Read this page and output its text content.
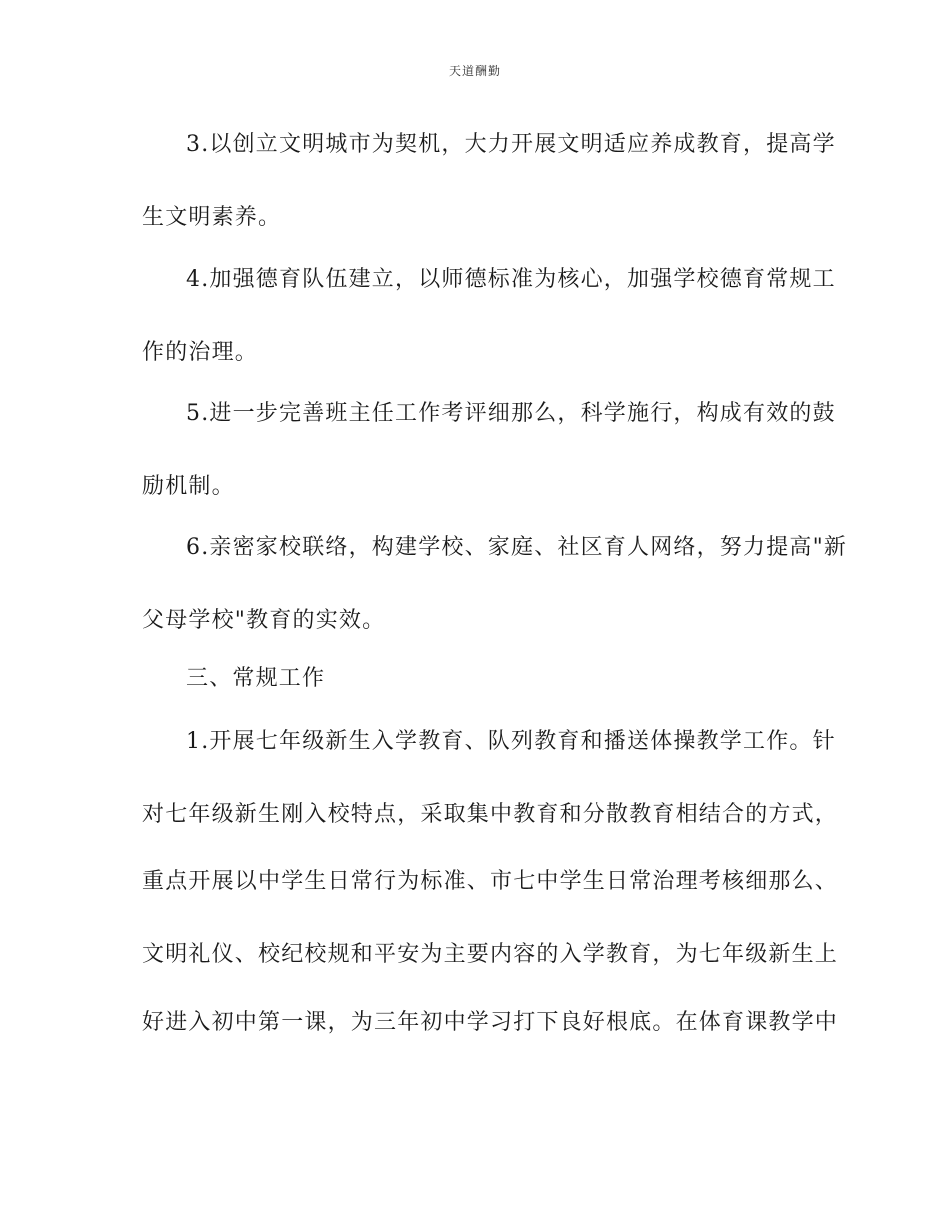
天道酬勤
3.以创立文明城市为契机，大力开展文明适应养成教育，提高学
生文明素养。
4.加强德育队伍建立，以师德标准为核心，加强学校德育常规工
作的治理。
5.进一步完善班主任工作考评细那么，科学施行，构成有效的鼓
励机制。
6.亲密家校联络，构建学校、家庭、社区育人网络，努力提高"新
父母学校"教育的实效。
三、常规工作
1.开展七年级新生入学教育、队列教育和播送体操教学工作。针
对七年级新生刚入校特点，采取集中教育和分散教育相结合的方式，
重点开展以中学生日常行为标准、市七中学生日常治理考核细那么、
文明礼仪、校纪校规和平安为主要内容的入学教育，为七年级新生上
好进入初中第一课，为三年初中学习打下良好根底。在体育课教学中
